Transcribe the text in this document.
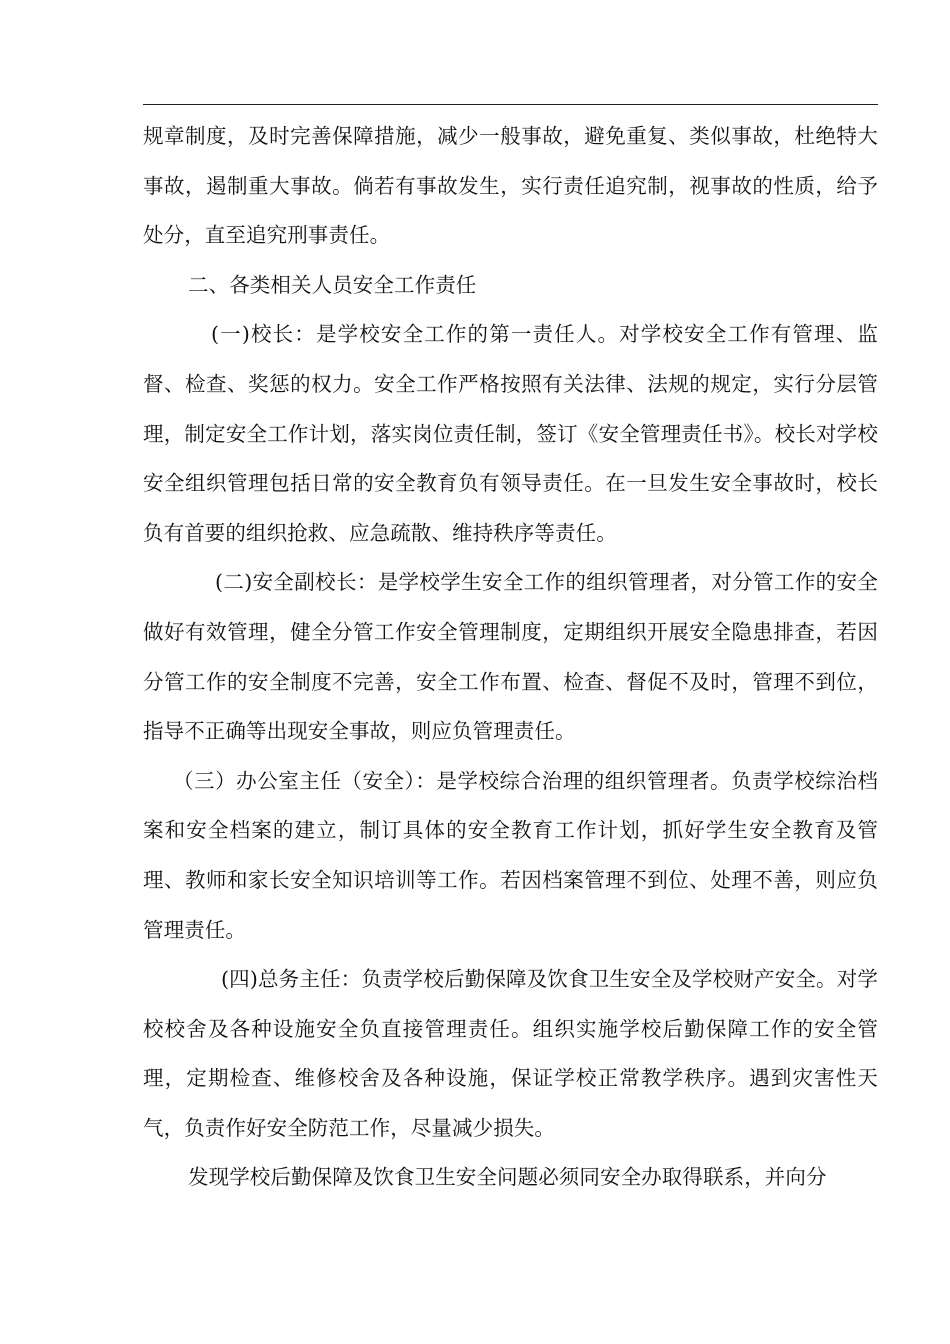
规章制度，及时完善保障措施，减少一般事故，避免重复、类似事故，杜绝特大事故，遏制重大事故。倘若有事故发生，实行责任追究制，视事故的性质，给予处分，直至追究刑事责任。

二、各类相关人员安全工作责任

(一)校长：是学校安全工作的第一责任人。对学校安全工作有管理、监督、检查、奖惩的权力。安全工作严格按照有关法律、法规的规定，实行分层管理，制定安全工作计划，落实岗位责任制，签订《安全管理责任书》。校长对学校安全组织管理包括日常的安全教育负有领导责任。在一旦发生安全事故时，校长负有首要的组织抢救、应急疏散、维持秩序等责任。

(二)安全副校长：是学校学生安全工作的组织管理者，对分管工作的安全做好有效管理，健全分管工作安全管理制度，定期组织开展安全隐患排查，若因分管工作的安全制度不完善，安全工作布置、检查、督促不及时，管理不到位，指导不正确等出现安全事故，则应负管理责任。

（三）办公室主任（安全）：是学校综合治理的组织管理者。负责学校综治档案和安全档案的建立，制订具体的安全教育工作计划，抓好学生安全教育及管理、教师和家长安全知识培训等工作。若因档案管理不到位、处理不善，则应负管理责任。

(四)总务主任：负责学校后勤保障及饮食卫生安全及学校财产安全。对学校校舍及各种设施安全负直接管理责任。组织实施学校后勤保障工作的安全管理，定期检查、维修校舍及各种设施，保证学校正常教学秩序。遇到灾害性天气，负责作好安全防范工作，尽量减少损失。

发现学校后勤保障及饮食卫生安全问题必须同安全办取得联系，并向分
